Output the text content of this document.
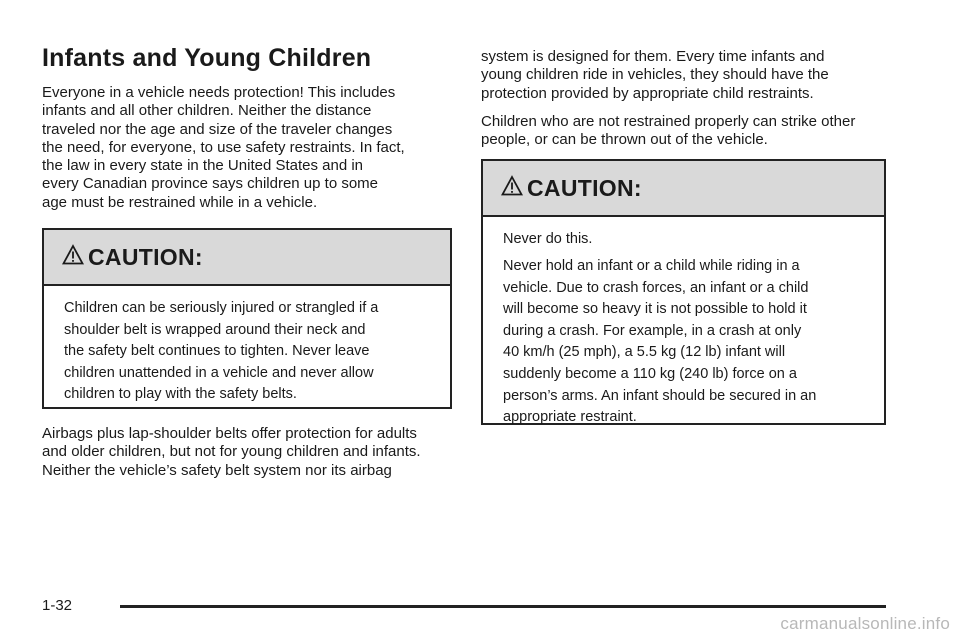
Infants and Young Children

Everyone in a vehicle needs protection! This includes
infants and all other children. Neither the distance
traveled nor the age and size of the traveler changes
the need, for everyone, to use safety restraints. In fact,
the law in every state in the United States and in
every Canadian province says children up to some
age must be restrained while in a vehicle.

CAUTION:

Children can be seriously injured or strangled if a
shoulder belt is wrapped around their neck and
the safety belt continues to tighten. Never leave
children unattended in a vehicle and never allow
children to play with the safety belts.

Airbags plus lap-shoulder belts offer protection for adults
and older children, but not for young children and infants.
Neither the vehicle’s safety belt system nor its airbag

system is designed for them. Every time infants and
young children ride in vehicles, they should have the
protection provided by appropriate child restraints.

Children who are not restrained properly can strike other
people, or can be thrown out of the vehicle.

CAUTION:

Never do this.

Never hold an infant or a child while riding in a
vehicle. Due to crash forces, an infant or a child
will become so heavy it is not possible to hold it
during a crash. For example, in a crash at only
40 km/h (25 mph), a 5.5 kg (12 lb) infant will
suddenly become a 110 kg (240 lb) force on a
person’s arms. An infant should be secured in an
appropriate restraint.

1-32
carmanualsonline.info
